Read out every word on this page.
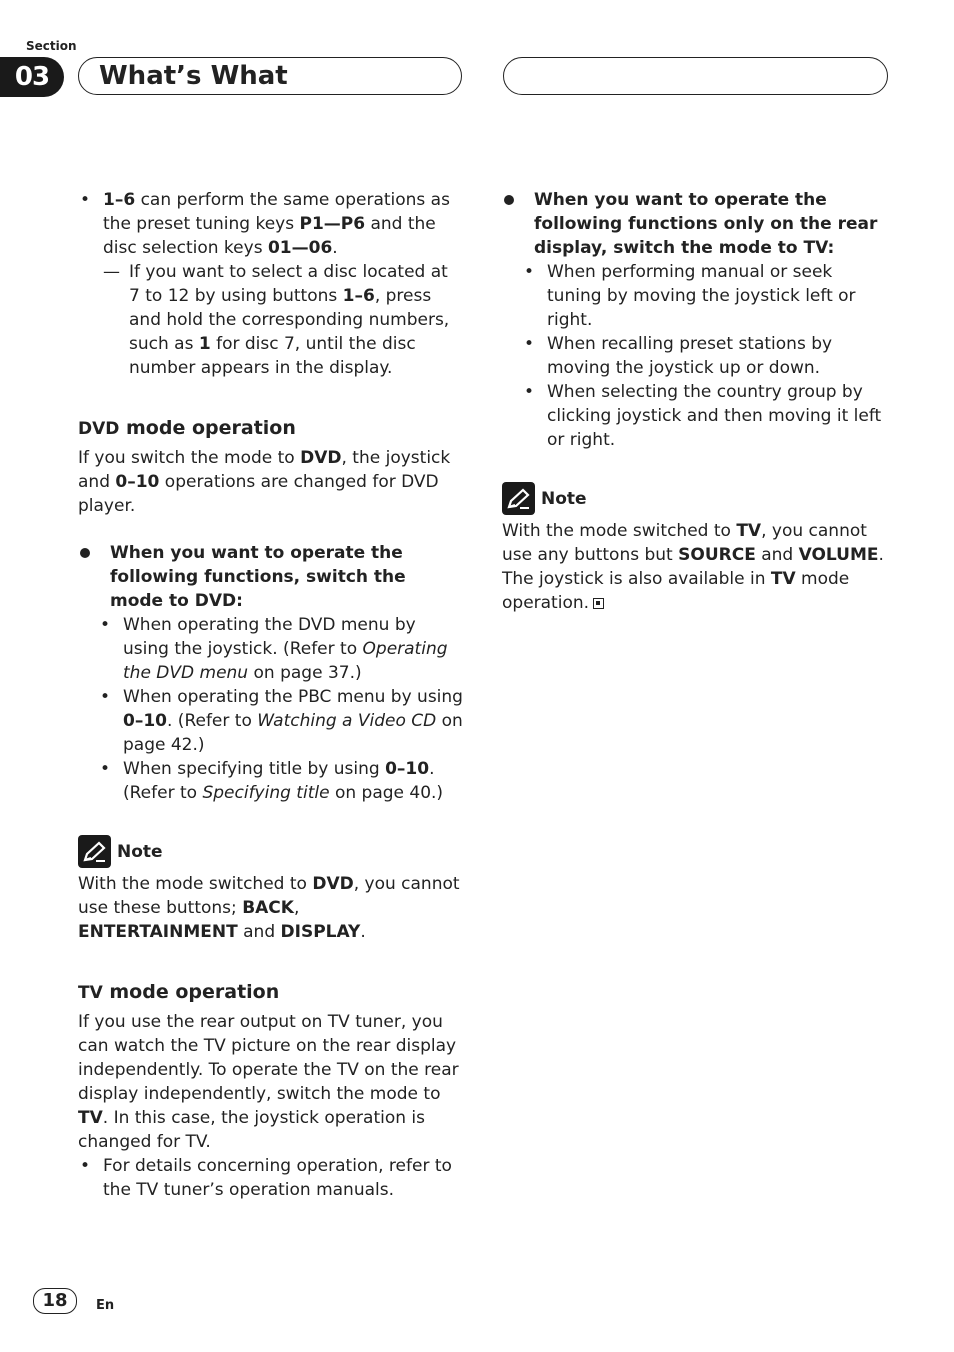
Section
03	What’s What

• 1–6 can perform the same operations as the preset tuning keys P1—P6 and the disc selection keys 01—06.

— If you want to select a disc located at 7 to 12 by using buttons 1–6, press and hold the corresponding numbers, such as 1 for disc 7, until the disc number appears in the display.

DVD mode operation

If you switch the mode to DVD, the joystick and 0–10 operations are changed for DVD player.

When you want to operate the following functions, switch the mode to DVD:

• When operating the DVD menu by using the joystick. (Refer to Operating the DVD menu on page 37.)

• When operating the PBC menu by using 0–10. (Refer to Watching a Video CD on page 42.)

• When specifying title by using 0–10. (Refer to Specifying title on page 40.)

Note

With the mode switched to DVD, you cannot use these buttons; BACK, ENTERTAINMENT and DISPLAY.

TV mode operation

If you use the rear output on TV tuner, you can watch the TV picture on the rear display independently. To operate the TV on the rear display independently, switch the mode to TV. In this case, the joystick operation is changed for TV.

• For details concerning operation, refer to the TV tuner’s operation manuals.

When you want to operate the following functions only on the rear display, switch the mode to TV:

• When performing manual or seek tuning by moving the joystick left or right.

• When recalling preset stations by moving the joystick up or down.

• When selecting the country group by clicking joystick and then moving it left or right.

Note

With the mode switched to TV, you cannot use any buttons but SOURCE and VOLUME. The joystick is also available in TV mode operation.

18	En
